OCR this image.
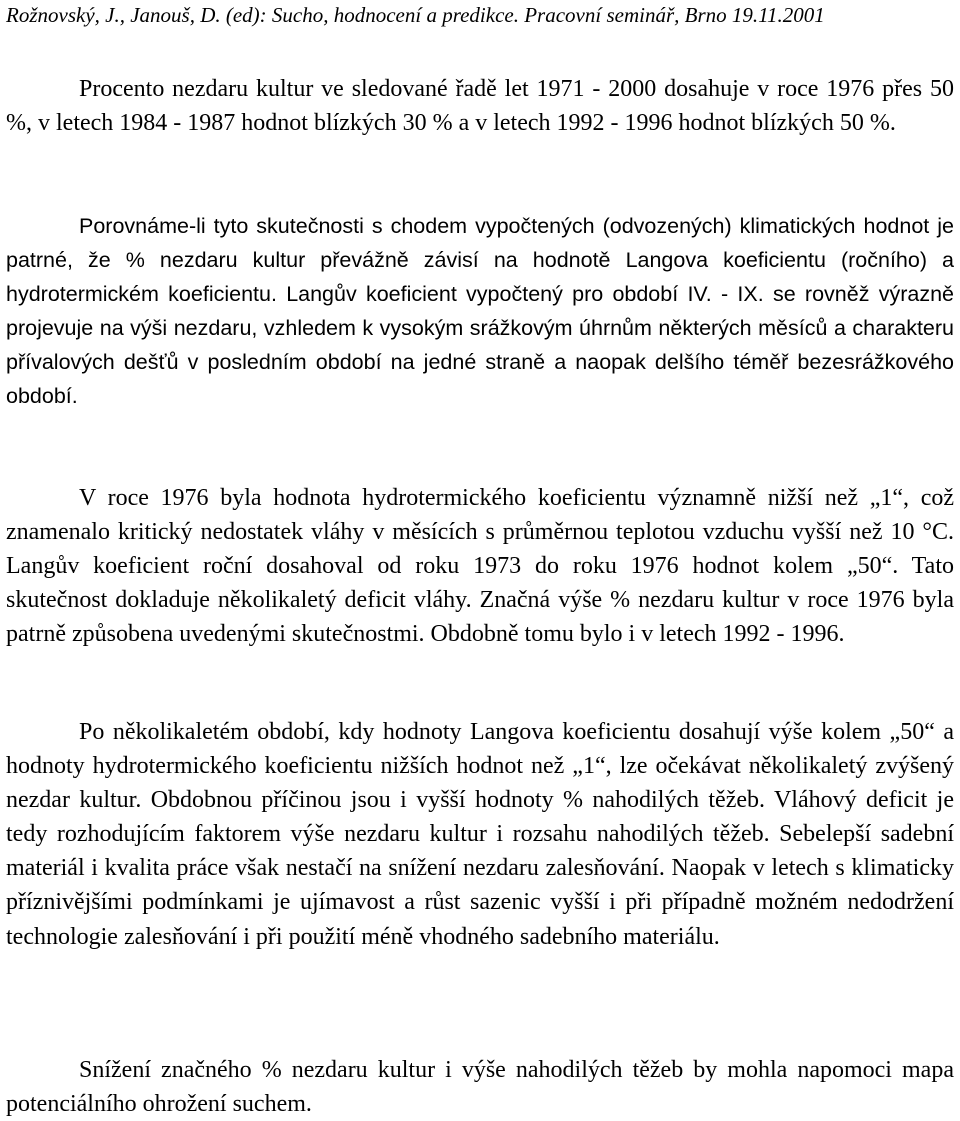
Rožnovský, J., Janouš, D. (ed): Sucho, hodnocení a predikce. Pracovní seminář, Brno 19.11.2001

Procento nezdaru kultur ve sledované řadě let 1971 - 2000 dosahuje v roce 1976 přes 50 %, v letech 1984 - 1987 hodnot blízkých 30 % a v letech 1992 - 1996 hodnot blízkých 50 %.

Porovnáme-li tyto skutečnosti s chodem vypočtených (odvozených) klimatických hodnot je patrné, že % nezdaru kultur převážně závisí na hodnotě Langova koeficientu (ročního) a hydrotermickém koeficientu. Langův koeficient vypočtený pro období IV. - IX. se rovněž výrazně projevuje na výši nezdaru, vzhledem k vysokým srážkovým úhrnům některých měsíců a charakteru přívalových dešťů v posledním období na jedné straně a naopak delšího téměř bezesrážkového období.

V roce 1976 byla hodnota hydrotermického koeficientu významně nižší než „1“, což znamenalo kritický nedostatek vláhy v měsících s průměrnou teplotou vzduchu vyšší než 10 °C. Langův koeficient roční dosahoval od roku 1973 do roku 1976 hodnot kolem „50“. Tato skutečnost dokladuje několikaletý deficit vláhy. Značná výše % nezdaru kultur v roce 1976 byla patrně způsobena uvedenými skutečnostmi. Obdobně tomu bylo i v letech 1992 - 1996.

Po několikaletém období, kdy hodnoty Langova koeficientu dosahují výše kolem „50“ a hodnoty hydrotermického koeficientu nižších hodnot než „1“, lze očekávat několikaletý zvýšený nezdar kultur. Obdobnou příčinou jsou i vyšší hodnoty % nahodilých těžeb. Vláhový deficit je tedy rozhodujícím faktorem výše nezdaru kultur i rozsahu nahodilých těžeb. Sebelepší sadební materiál i kvalita práce však nestačí na snížení nezdaru zalesňování. Naopak v letech s klimaticky příznivějšími podmínkami je ujímavost a růst sazenic vyšší i při případně možném nedodržení technologie zalesňování i při použití méně vhodného sadebního materiálu.

Snížení značného % nezdaru kultur i výše nahodilých těžeb by mohla napomoci mapa potenciálního ohrožení suchem.
